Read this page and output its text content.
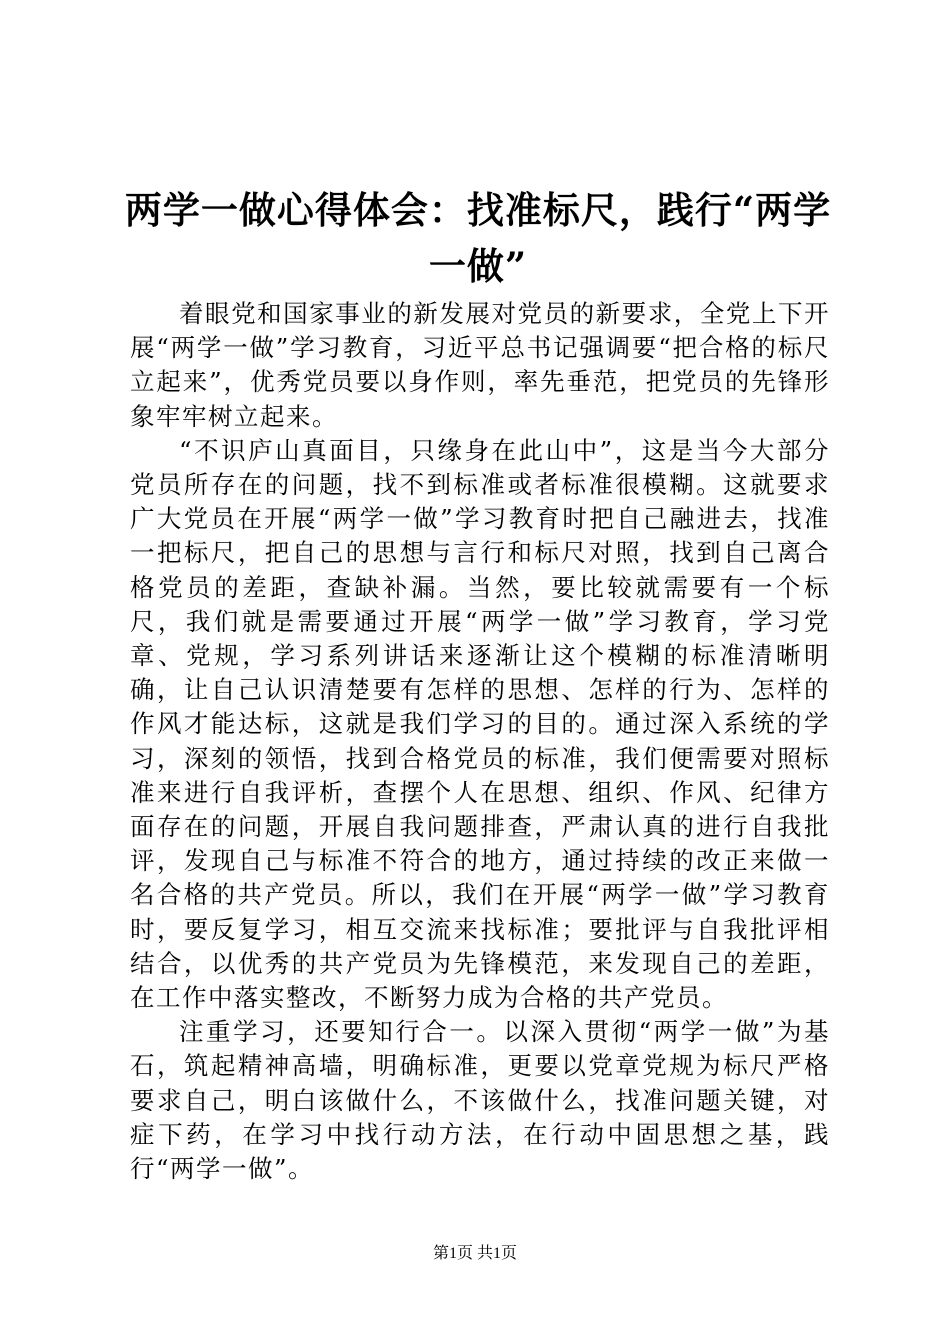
两学一做心得体会：找准标尺，践行“两学一做”

着眼党和国家事业的新发展对党员的新要求，全党上下开展“两学一做”学习教育，习近平总书记强调要“把合格的标尺立起来”，优秀党员要以身作则，率先垂范，把党员的先锋形象牢牢树立起来。

“不识庐山真面目，只缘身在此山中”，这是当今大部分党员所存在的问题，找不到标准或者标准很模糊。这就要求广大党员在开展“两学一做”学习教育时把自己融进去，找准一把标尺，把自己的思想与言行和标尺对照，找到自己离合格党员的差距，查缺补漏。当然，要比较就需要有一个标尺，我们就是需要通过开展“两学一做”学习教育，学习党章、党规，学习系列讲话来逐渐让这个模糊的标准清晰明确，让自己认识清楚要有怎样的思想、怎样的行为、怎样的作风才能达标，这就是我们学习的目的。通过深入系统的学习，深刻的领悟，找到合格党员的标准，我们便需要对照标准来进行自我评析，查摆个人在思想、组织、作风、纪律方面存在的问题，开展自我问题排查，严肃认真的进行自我批评，发现自己与标准不符合的地方，通过持续的改正来做一名合格的共产党员。所以，我们在开展“两学一做”学习教育时，要反复学习，相互交流来找标准；要批评与自我批评相结合，以优秀的共产党员为先锋模范，来发现自己的差距，在工作中落实整改，不断努力成为合格的共产党员。

注重学习，还要知行合一。以深入贯彻“两学一做”为基石，筑起精神高墙，明确标准，更要以党章党规为标尺严格要求自己，明白该做什么，不该做什么，找准问题关键，对症下药，在学习中找行动方法，在行动中固思想之基，践行“两学一做”。

第1页 共1页
